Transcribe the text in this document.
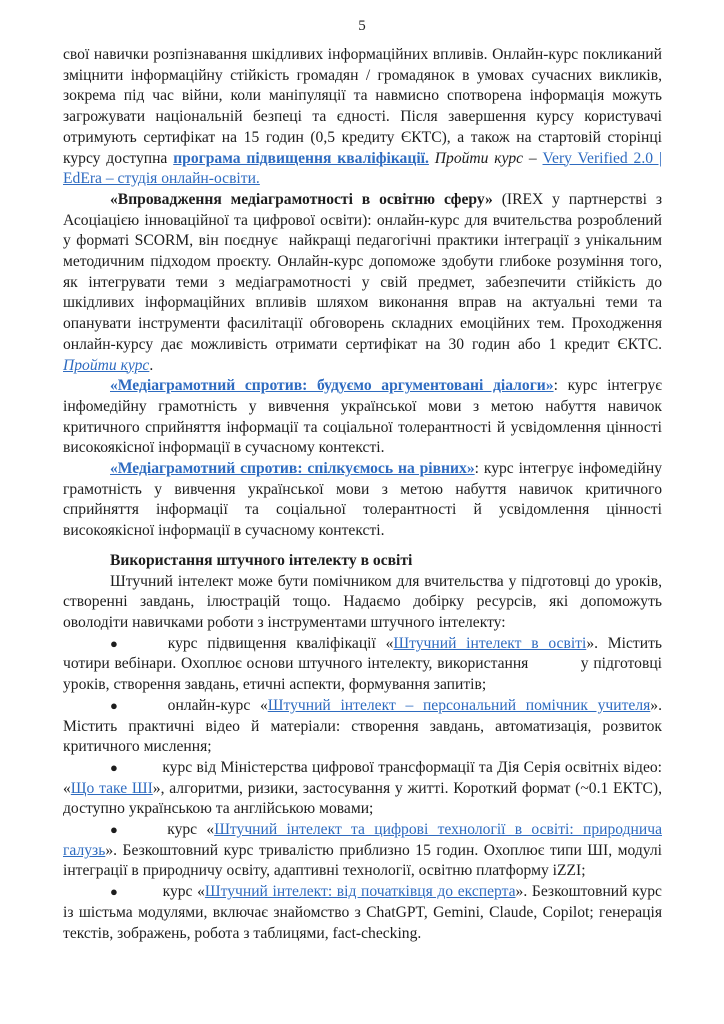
5

свої навички розпізнавання шкідливих інформаційних впливів. Онлайн-курс покликаний зміцнити інформаційну стійкість громадян / громадянок в умовах сучасних викликів, зокрема під час війни, коли маніпуляції та навмисно спотворена інформація можуть загрожувати національній безпеці та єдності. Після завершення курсу користувачі отримують сертифікат на 15 годин (0,5 кредиту ЄКТС), а також на стартовій сторінці курсу доступна програма підвищення кваліфікації. Пройти курс – Very Verified 2.0 | EdEra – студія онлайн-освіти.

«Впровадження медіаграмотності в освітню сферу» (IREX у партнерстві з Асоціацією інноваційної та цифрової освіти): онлайн-курс для вчительства розроблений у форматі SCORM, він поєднує  найкращі педагогічні практики інтеграції з унікальним методичним підходом проєкту. Онлайн-курс допоможе здобути глибоке розуміння того, як інтегрувати теми з медіаграмотності у свій предмет, забезпечити стійкість до шкідливих інформаційних впливів шляхом виконання вправ на актуальні теми та опанувати інструменти фасилітації обговорень складних емоційних тем. Проходження онлайн-курсу дає можливість отримати сертифікат на 30 годин або 1 кредит ЄКТС. Пройти курс.

«Медіаграмотний спротив: будуємо аргументовані діалоги»: курс інтегрує інфомедійну грамотність у вивчення української мови з метою набуття навичок критичного сприйняття інформації та соціальної толерантності й усвідомлення цінності високоякісної інформації в сучасному контексті.

«Медіаграмотний спротив: спілкуємось на рівних»: курс інтегрує інфомедійну грамотність у вивчення української мови з метою набуття навичок критичного сприйняття інформації та соціальної толерантності й усвідомлення цінності високоякісної інформації в сучасному контексті.

Використання штучного інтелекту в освіті

Штучний інтелект може бути помічником для вчительства у підготовці до уроків, створенні завдань, ілюстрацій тощо. Надаємо добірку ресурсів, які допоможуть оволодіти навичками роботи з інструментами штучного інтелекту:

●	курс підвищення кваліфікації «Штучний інтелект в освіті». Містить чотири вебінари. Охоплює основи штучного інтелекту, використання           у підготовці уроків, створення завдань, етичні аспекти, формування запитів;

●	онлайн-курс «Штучний інтелект – персональний помічник учителя». Містить практичні відео й матеріали: створення завдань, автоматизація, розвиток критичного мислення;

●	курс від Міністерства цифрової трансформації та Дія Серія освітніх відео: «Що таке ШІ», алгоритми, ризики, застосування у житті. Короткий формат (~0.1 ЕКТС), доступно українською та англійською мовами;

●	курс «Штучний інтелект та цифрові технології в освіті: природнича галузь». Безкоштовний курс тривалістю приблизно 15 годин. Охоплює типи ШІ, модулі інтеграції в природничу освіту, адаптивні технології, освітню платформу iZZI;

●	курс «Штучний інтелект: від початківця до експерта». Безкоштовний курс із шістьма модулями, включає знайомство з ChatGPT, Gemini, Claude, Copilot; генерація текстів, зображень, робота з таблицями, fact-checking.
